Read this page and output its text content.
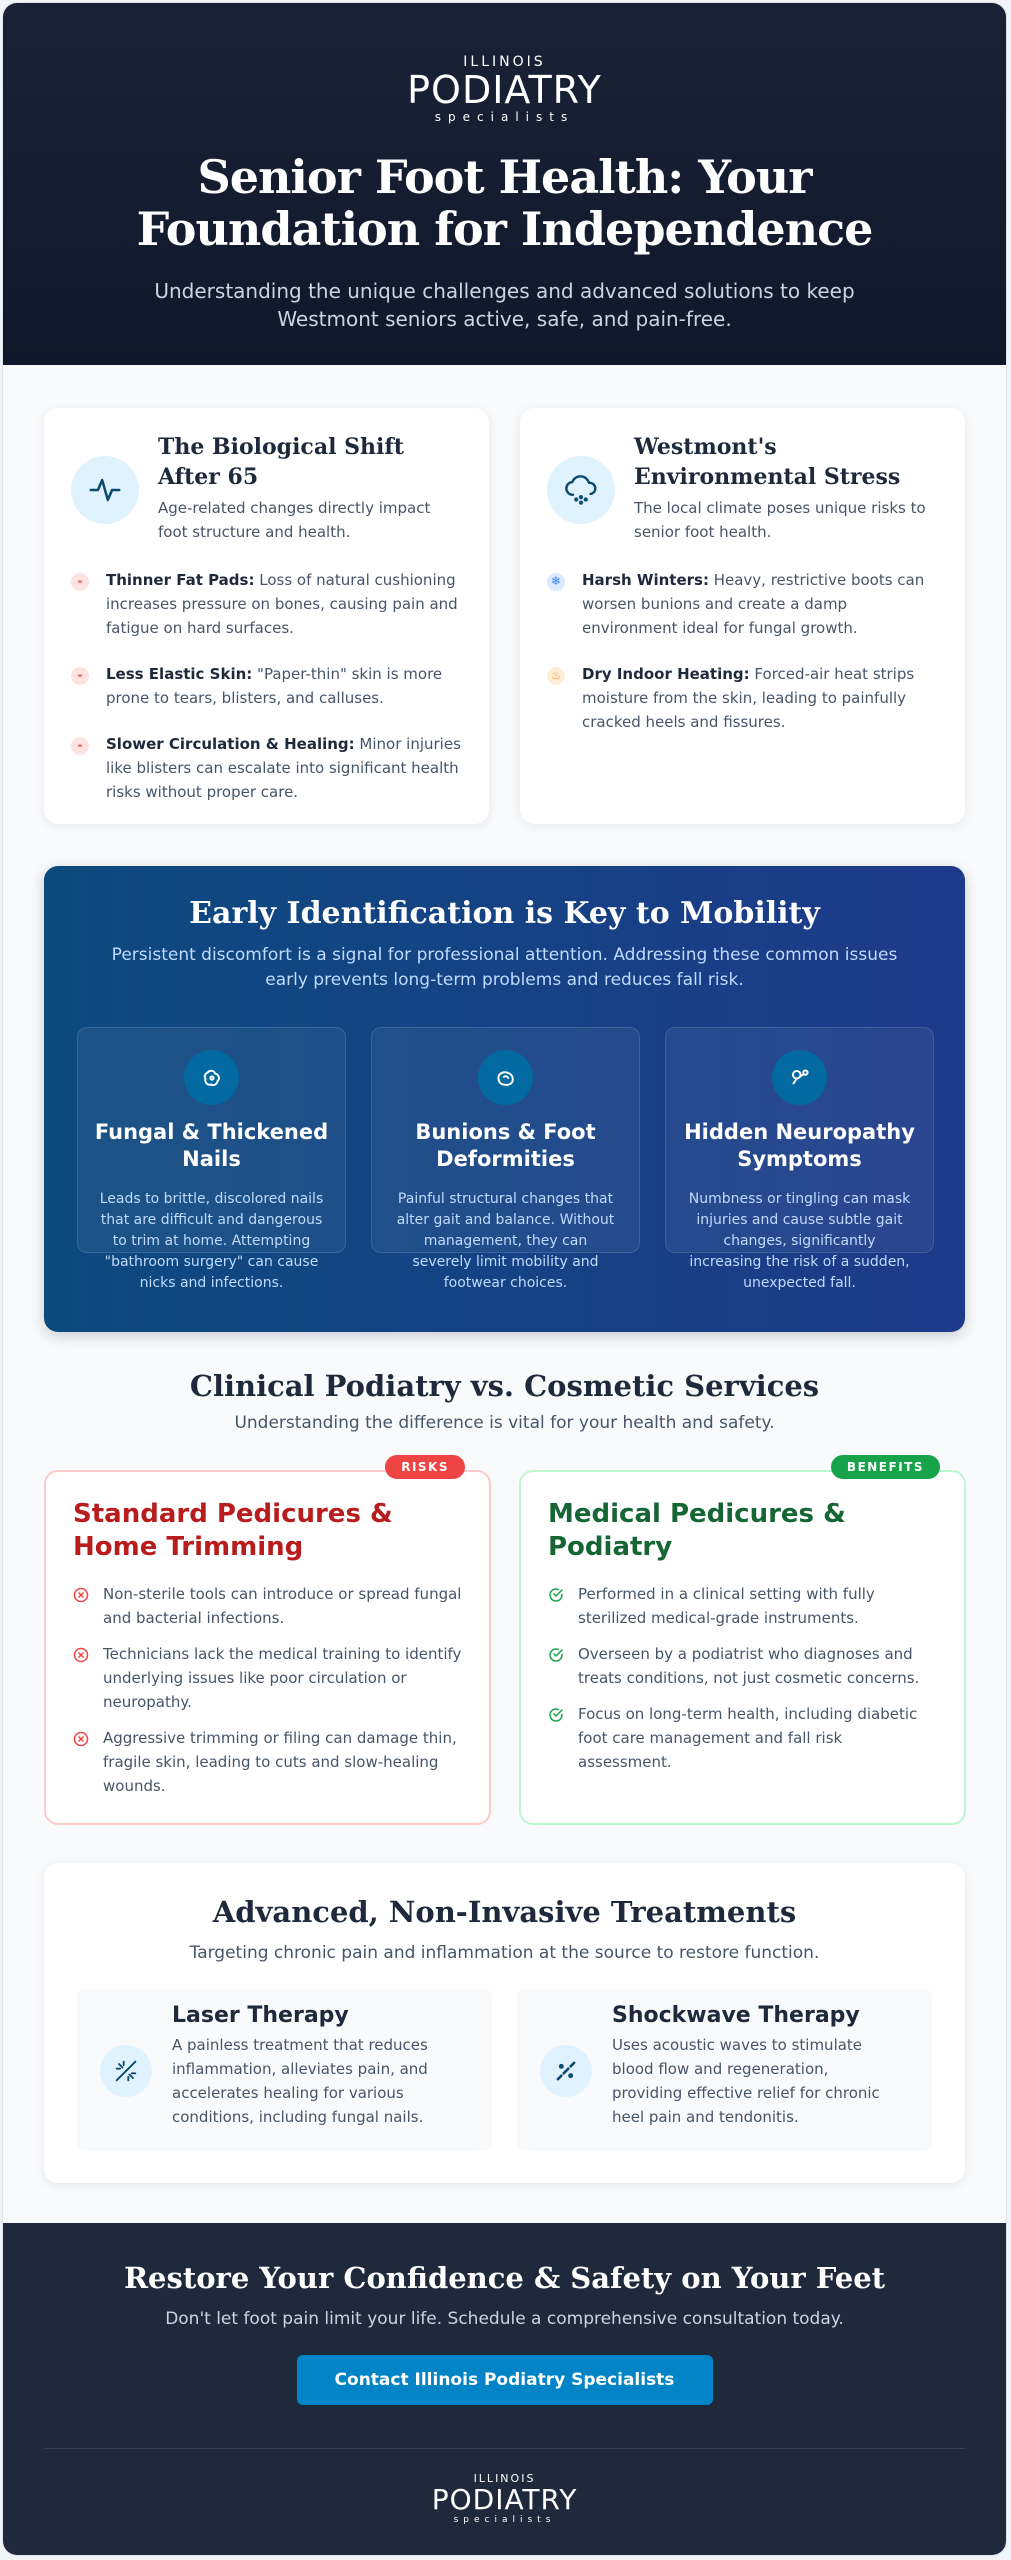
ILLINOIS
PODIATRY
specialists
Senior Foot Health: Your Foundation for Independence

Understanding the unique challenges and advanced solutions to keep Westmont seniors active, safe, and pain-free.

The Biological Shift After 65
Age-related changes directly impact foot structure and health.
-	Thinner Fat Pads: Loss of natural cushioning increases pressure on bones, causing pain and fatigue on hard surfaces.
-	Less Elastic Skin: "Paper-thin" skin is more prone to tears, blisters, and calluses.
-	Slower Circulation & Healing: Minor injuries like blisters can escalate into significant health risks without proper care.
Westmont's Environmental Stress
The local climate poses unique risks to senior foot health.
❄ Harsh Winters: Heavy, restrictive boots can worsen bunions and create a damp environment ideal for fungal growth.
♨ Dry Indoor Heating: Forced-air heat strips moisture from the skin, leading to painfully cracked heels and fissures.
Early Identification is Key to Mobility
Persistent discomfort is a signal for professional attention. Addressing these common issues early prevents long-term problems and reduces fall risk.
Fungal & Thickened Nails

Leads to brittle, discolored nails that are difficult and dangerous to trim at home. Attempting "bathroom surgery" can cause nicks and infections.

Bunions & Foot Deformities

Painful structural changes that alter gait and balance. Without management, they can severely limit mobility and footwear choices.

Hidden Neuropathy Symptoms

Numbness or tingling can mask injuries and cause subtle gait changes, significantly increasing the risk of a sudden, unexpected fall.

Clinical Podiatry vs. Cosmetic Services
Understanding the difference is vital for your health and safety.
RISKS
Standard Pedicures & Home Trimming
Non-sterile tools can introduce or spread fungal and bacterial infections.
Technicians lack the medical training to identify underlying issues like poor circulation or neuropathy.
Aggressive trimming or filing can damage thin, fragile skin, leading to cuts and slow-healing wounds.
BENEFITS
Medical Pedicures & Podiatry
Performed in a clinical setting with fully sterilized medical-grade instruments.
Overseen by a podiatrist who diagnoses and treats conditions, not just cosmetic concerns.
Focus on long-term health, including diabetic foot care management and fall risk assessment.
Advanced, Non-Invasive Treatments
Targeting chronic pain and inflammation at the source to restore function.
Laser Therapy

A painless treatment that reduces inflammation, alleviates pain, and accelerates healing for various conditions, including fungal nails.

Shockwave Therapy

Uses acoustic waves to stimulate blood flow and regeneration, providing effective relief for chronic heel pain and tendonitis.

Restore Your Confidence & Safety on Your Feet
Don't let foot pain limit your life. Schedule a comprehensive consultation today.
Contact Illinois Podiatry Specialists
ILLINOIS
PODIATRY
specialists
